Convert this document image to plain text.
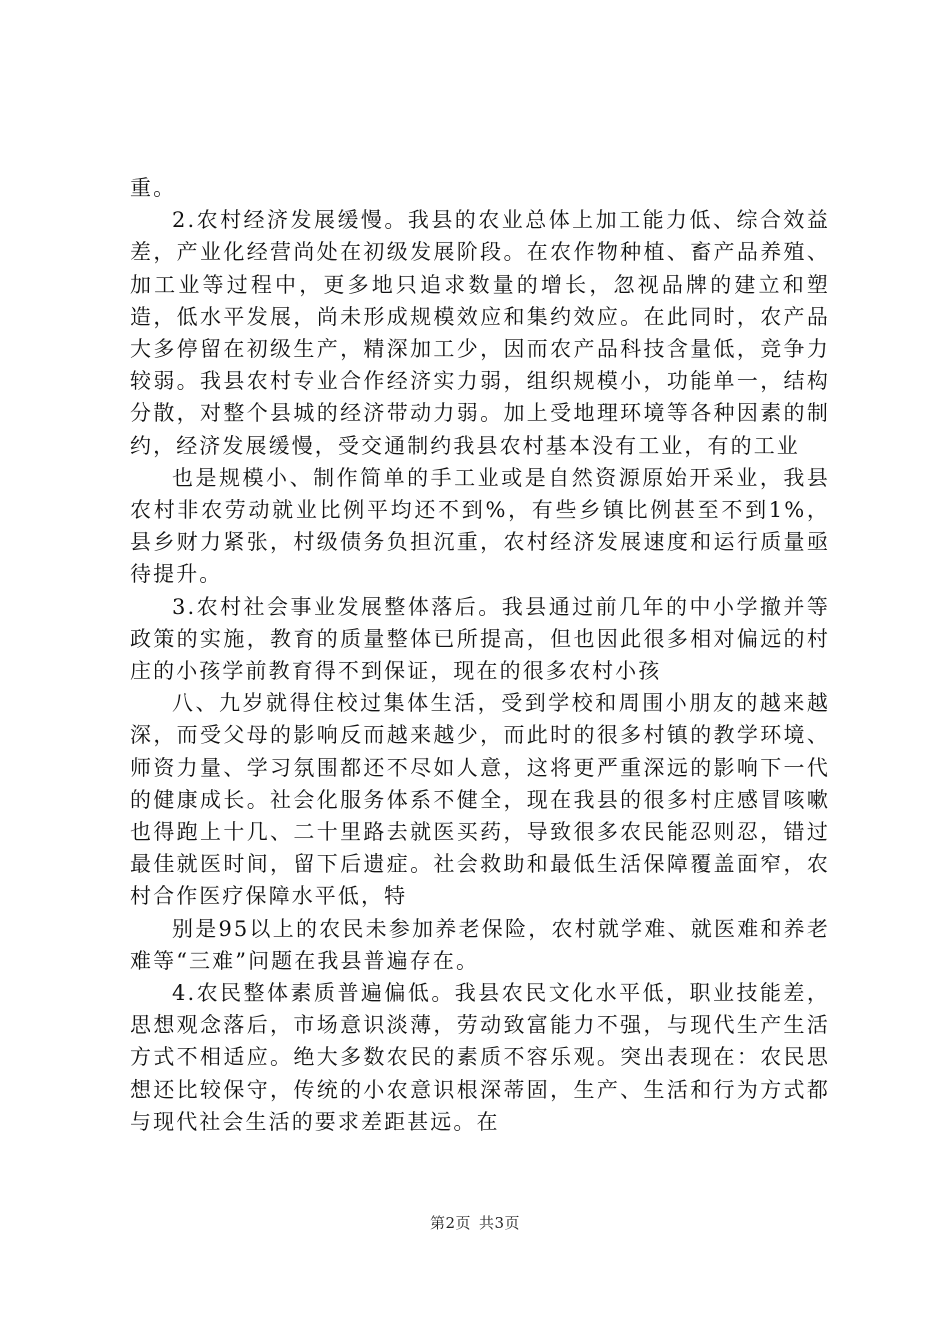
重。

2.农村经济发展缓慢。我县的农业总体上加工能力低、综合效益差，产业化经营尚处在初级发展阶段。在农作物种植、畜产品养殖、加工业等过程中，更多地只追求数量的增长，忽视品牌的建立和塑造，低水平发展，尚未形成规模效应和集约效应。在此同时，农产品大多停留在初级生产，精深加工少，因而农产品科技含量低，竞争力较弱。我县农村专业合作经济实力弱，组织规模小，功能单一，结构分散，对整个县城的经济带动力弱。加上受地理环境等各种因素的制约，经济发展缓慢，受交通制约我县农村基本没有工业，有的工业

也是规模小、制作简单的手工业或是自然资源原始开采业，我县农村非农劳动就业比例平均还不到%，有些乡镇比例甚至不到1%，县乡财力紧张，村级债务负担沉重，农村经济发展速度和运行质量亟待提升。

3.农村社会事业发展整体落后。我县通过前几年的中小学撤并等政策的实施，教育的质量整体已所提高，但也因此很多相对偏远的村庄的小孩学前教育得不到保证，现在的很多农村小孩

八、九岁就得住校过集体生活，受到学校和周围小朋友的越来越深，而受父母的影响反而越来越少，而此时的很多村镇的教学环境、师资力量、学习氛围都还不尽如人意，这将更严重深远的影响下一代的健康成长。社会化服务体系不健全，现在我县的很多村庄感冒咳嗽也得跑上十几、二十里路去就医买药，导致很多农民能忍则忍，错过最佳就医时间，留下后遗症。社会救助和最低生活保障覆盖面窄，农村合作医疗保障水平低，特

别是95以上的农民未参加养老保险，农村就学难、就医难和养老难等“三难”问题在我县普遍存在。

4.农民整体素质普遍偏低。我县农民文化水平低，职业技能差，思想观念落后，市场意识淡薄，劳动致富能力不强，与现代生产生活方式不相适应。绝大多数农民的素质不容乐观。突出表现在：农民思想还比较保守，传统的小农意识根深蒂固，生产、生活和行为方式都与现代社会生活的要求差距甚远。在

第2页 共3页
